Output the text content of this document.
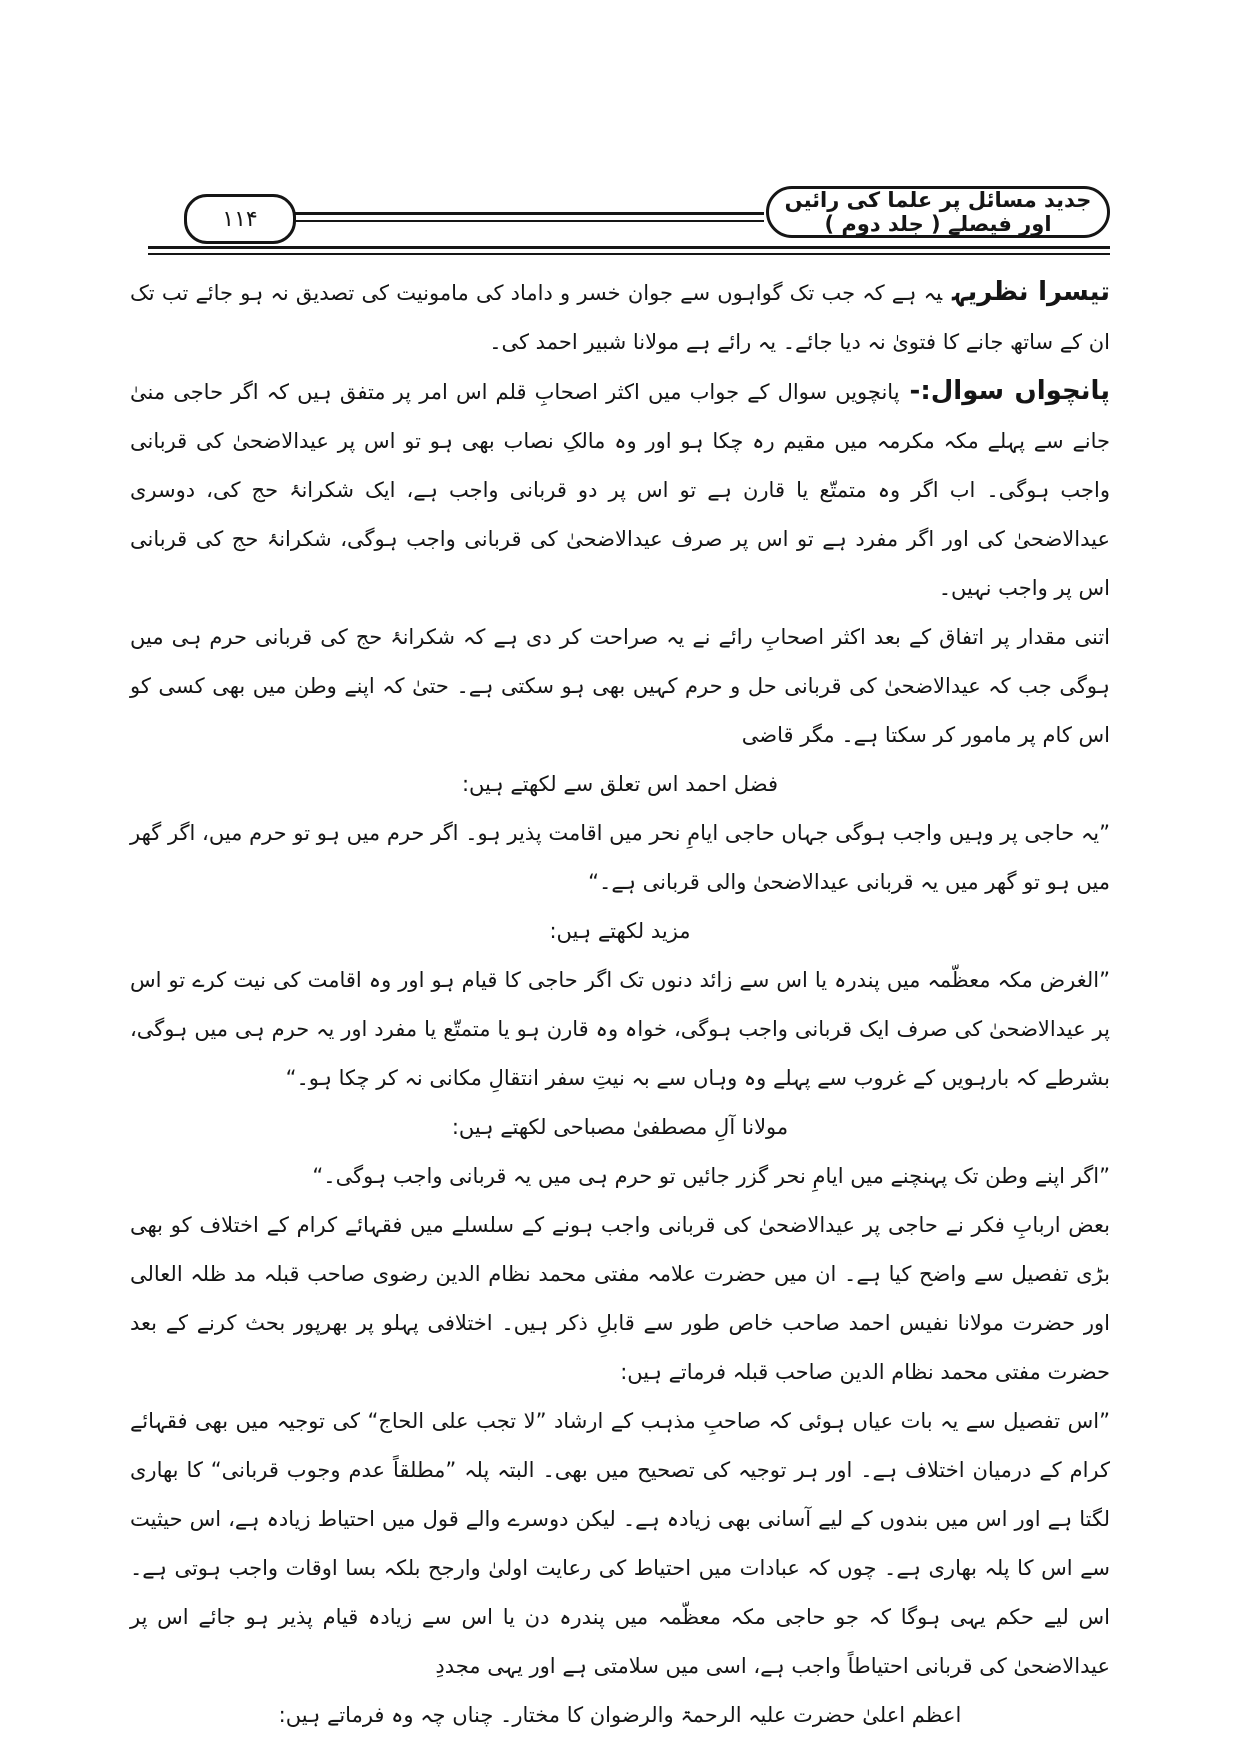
جدید مسائل پر علما کی رائیں اور فیصلے ( جلد دوم )
۱۱۴

تیسرا نظریہیہ ہے کہ جب تک گواہوں سے جوان خسر و داماد کی مامونیت کی تصدیق نہ ہو جائے تب تک ان کے ساتھ جانے کا فتویٰ نہ دیا جائے۔ یہ رائے ہے مولانا شبیر احمد کی۔

پانچواں سوال:-پانچویں سوال کے جواب میں اکثر اصحابِ قلم اس امر پر متفق ہیں کہ اگر حاجی منیٰ جانے سے پہلے مکہ مکرمہ میں مقیم رہ چکا ہو اور وہ مالکِ نصاب بھی ہو تو اس پر عیدالاضحیٰ کی قربانی واجب ہوگی۔ اب اگر وہ متمتّع یا قارن ہے تو اس پر دو قربانی واجب ہے، ایک شکرانۂ حج کی، دوسری عیدالاضحیٰ کی اور اگر مفرد ہے تو اس پر صرف عیدالاضحیٰ کی قربانی واجب ہوگی، شکرانۂ حج کی قربانی اس پر واجب نہیں۔

اتنی مقدار پر اتفاق کے بعد اکثر اصحابِ رائے نے یہ صراحت کر دی ہے کہ شکرانۂ حج کی قربانی حرم ہی میں ہوگی جب کہ عیدالاضحیٰ کی قربانی حل و حرم کہیں بھی ہو سکتی ہے۔ حتیٰ کہ اپنے وطن میں بھی کسی کو اس کام پر مامور کر سکتا ہے۔ مگر قاضی

فضل احمد اس تعلق سے لکھتے ہیں:

”یہ حاجی پر وہیں واجب ہوگی جہاں حاجی ایامِ نحر میں اقامت پذیر ہو۔ اگر حرم میں ہو تو حرم میں، اگر گھر میں ہو تو گھر میں یہ قربانی عیدالاضحیٰ والی قربانی ہے۔“

مزید لکھتے ہیں:

”الغرض مکہ معظّمہ میں پندرہ یا اس سے زائد دنوں تک اگر حاجی کا قیام ہو اور وہ اقامت کی نیت کرے تو اس پر عیدالاضحیٰ کی صرف ایک قربانی واجب ہوگی، خواہ وہ قارن ہو یا متمتّع یا مفرد اور یہ حرم ہی میں ہوگی، بشرطے کہ بارہویں کے غروب سے پہلے وہ وہاں سے بہ نیتِ سفر انتقالِ مکانی نہ کر چکا ہو۔“

مولانا آلِ مصطفیٰ مصباحی لکھتے ہیں:

”اگر اپنے وطن تک پہنچنے میں ایامِ نحر گزر جائیں تو حرم ہی میں یہ قربانی واجب ہوگی۔“

بعض اربابِ فکر نے حاجی پر عیدالاضحیٰ کی قربانی واجب ہونے کے سلسلے میں فقہائے کرام کے اختلاف کو بھی بڑی تفصیل سے واضح کیا ہے۔ ان میں حضرت علامہ مفتی محمد نظام الدین رضوی صاحب قبلہ مد ظلہ العالی اور حضرت مولانا نفیس احمد صاحب خاص طور سے قابلِ ذکر ہیں۔ اختلافی پہلو پر بھرپور بحث کرنے کے بعد حضرت مفتی محمد نظام الدین صاحب قبلہ فرماتے ہیں:

”اس تفصیل سے یہ بات عیاں ہوئی کہ صاحبِ مذہب کے ارشاد ”لا تجب علی الحاج“ کی توجیہ میں بھی فقہائے کرام کے درمیان اختلاف ہے۔ اور ہر توجیہ کی تصحیح میں بھی۔ البتہ پلہ ”مطلقاً عدم وجوب قربانی“ کا بھاری لگتا ہے اور اس میں بندوں کے لیے آسانی بھی زیادہ ہے۔ لیکن دوسرے والے قول میں احتیاط زیادہ ہے، اس حیثیت سے اس کا پلہ بھاری ہے۔ چوں کہ عبادات میں احتیاط کی رعایت اولیٰ وارجح بلکہ بسا اوقات واجب ہوتی ہے۔ اس لیے حکم یہی ہوگا کہ جو حاجی مکہ معظّمہ میں پندرہ دن یا اس سے زیادہ قیام پذیر ہو جائے اس پر عیدالاضحیٰ کی قربانی احتیاطاً واجب ہے، اسی میں سلامتی ہے اور یہی مجددِ

اعظم اعلیٰ حضرت علیہ الرحمۃ والرضوان کا مختار۔ چناں چہ وہ فرماتے ہیں:
